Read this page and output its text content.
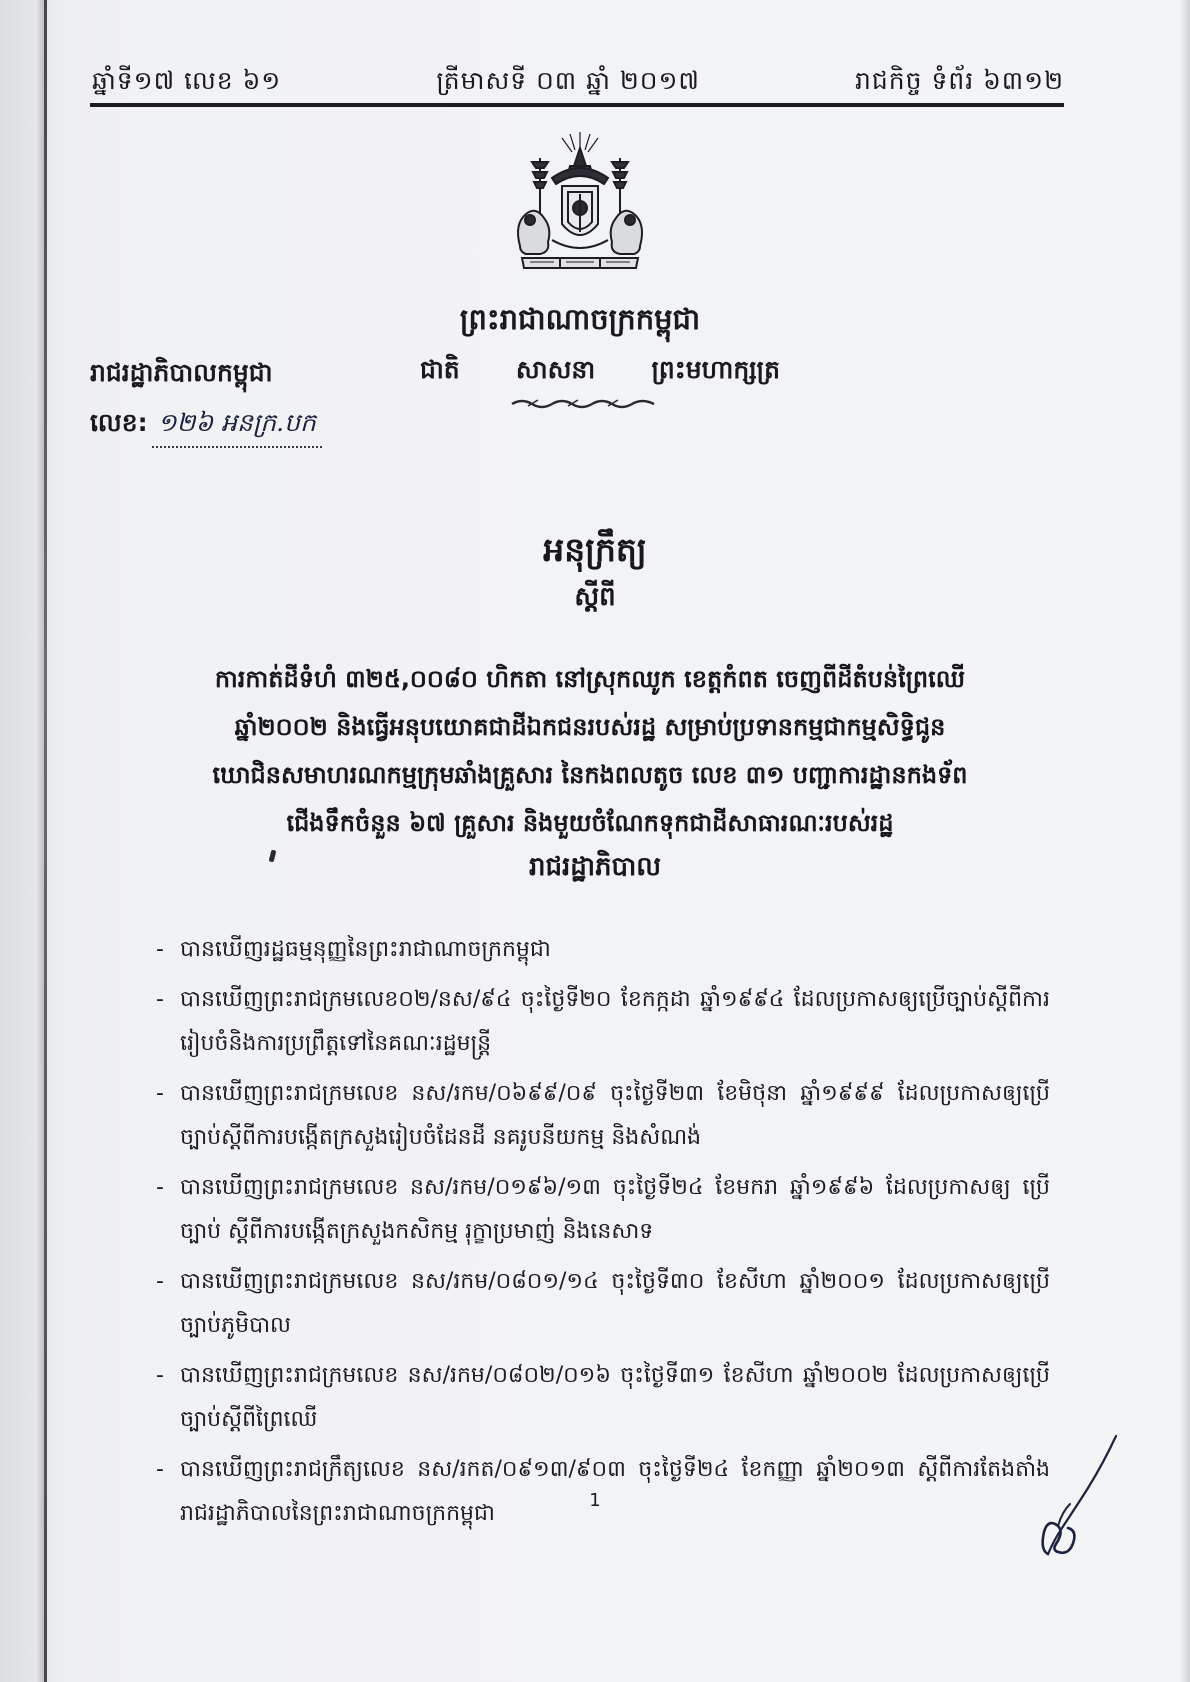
ឆ្នាំទី១៧ លេខ ៦១	ត្រីមាសទី ០៣ ឆ្នាំ ២០១៧	រាជកិច្ច ទំព័រ ៦៣១២
ព្រះរាជាណាចក្រកម្ពុជា
ជាតិ សាសនា ព្រះមហាក្សត្រ
រាជរដ្ឋាភិបាលកម្ពុជា
លេខ: ១២៦ អនក្រ.បក
អនុក្រឹត្យ
ស្តីពី

ការកាត់ដីទំហំ ៣២៥,០០៨០ ហិកតា នៅស្រុកឈូក ខេត្តកំពត ចេញពីដីតំបន់ព្រៃឈើ

ឆ្នាំ២០០២ និងធ្វើអនុបយោគជាដីឯកជនរបស់រដ្ឋ សម្រាប់ប្រទានកម្មជាកម្មសិទ្ធិជូន

ឃោជិនសមាហរណកម្មក្រុមឆាំងគ្រួសារ នៃកងពលតូច លេខ ៣១ បញ្ជាការដ្ឋានកងទ័ព

ជើងទឹកចំនួន ៦៧ គ្រួសារ និងមួយចំណែកទុកជាដីសាធារណៈរបស់រដ្ឋ

រាជរដ្ឋាភិបាល
- បានឃើញរដ្ឋធម្មនុញ្ញនៃព្រះរាជាណាចក្រកម្ពុជា
- បានឃើញព្រះរាជក្រមលេខ០២/នស/៩៤ ចុះថ្ងៃទី២០ ខែកក្កដា ឆ្នាំ១៩៩៤ ដែលប្រកាសឲ្យប្រើច្បាប់ស្តីពីការរៀបចំនិងការប្រព្រឹត្តទៅនៃគណៈរដ្ឋមន្ត្រី
- បានឃើញព្រះរាជក្រមលេខ នស/រកម/០៦៩៩/០៩ ចុះថ្ងៃទី២៣ ខែមិថុនា ឆ្នាំ១៩៩៩ ដែលប្រកាសឲ្យប្រើច្បាប់ស្តីពីការបង្កើតក្រសួងរៀបចំដែនដី នគរូបនីយកម្ម និងសំណង់
- បានឃើញព្រះរាជក្រមលេខ នស/រកម/០១៩៦/១៣ ចុះថ្ងៃទី២៤ ខែមករា ឆ្នាំ១៩៩៦ ដែលប្រកាសឲ្យ ប្រើច្បាប់ ស្តីពីការបង្កើតក្រសួងកសិកម្ម រុក្ខាប្រមាញ់ និងនេសាទ
- បានឃើញព្រះរាជក្រមលេខ នស/រកម/០៨០១/១៤ ចុះថ្ងៃទី៣០ ខែសីហា ឆ្នាំ២០០១ ដែលប្រកាសឲ្យប្រើច្បាប់ភូមិបាល
- បានឃើញព្រះរាជក្រមលេខ នស/រកម/០៨០២/០១៦ ចុះថ្ងៃទី៣១ ខែសីហា ឆ្នាំ២០០២ ដែលប្រកាសឲ្យប្រើច្បាប់ស្តីពីព្រៃឈើ
- បានឃើញព្រះរាជក្រឹត្យលេខ នស/រកត/០៩១៣/៩០៣ ចុះថ្ងៃទី២៤ ខែកញ្ញា ឆ្នាំ២០១៣ ស្តីពីការតែងតាំងរាជរដ្ឋាភិបាលនៃព្រះរាជាណាចក្រកម្ពុជា
1
